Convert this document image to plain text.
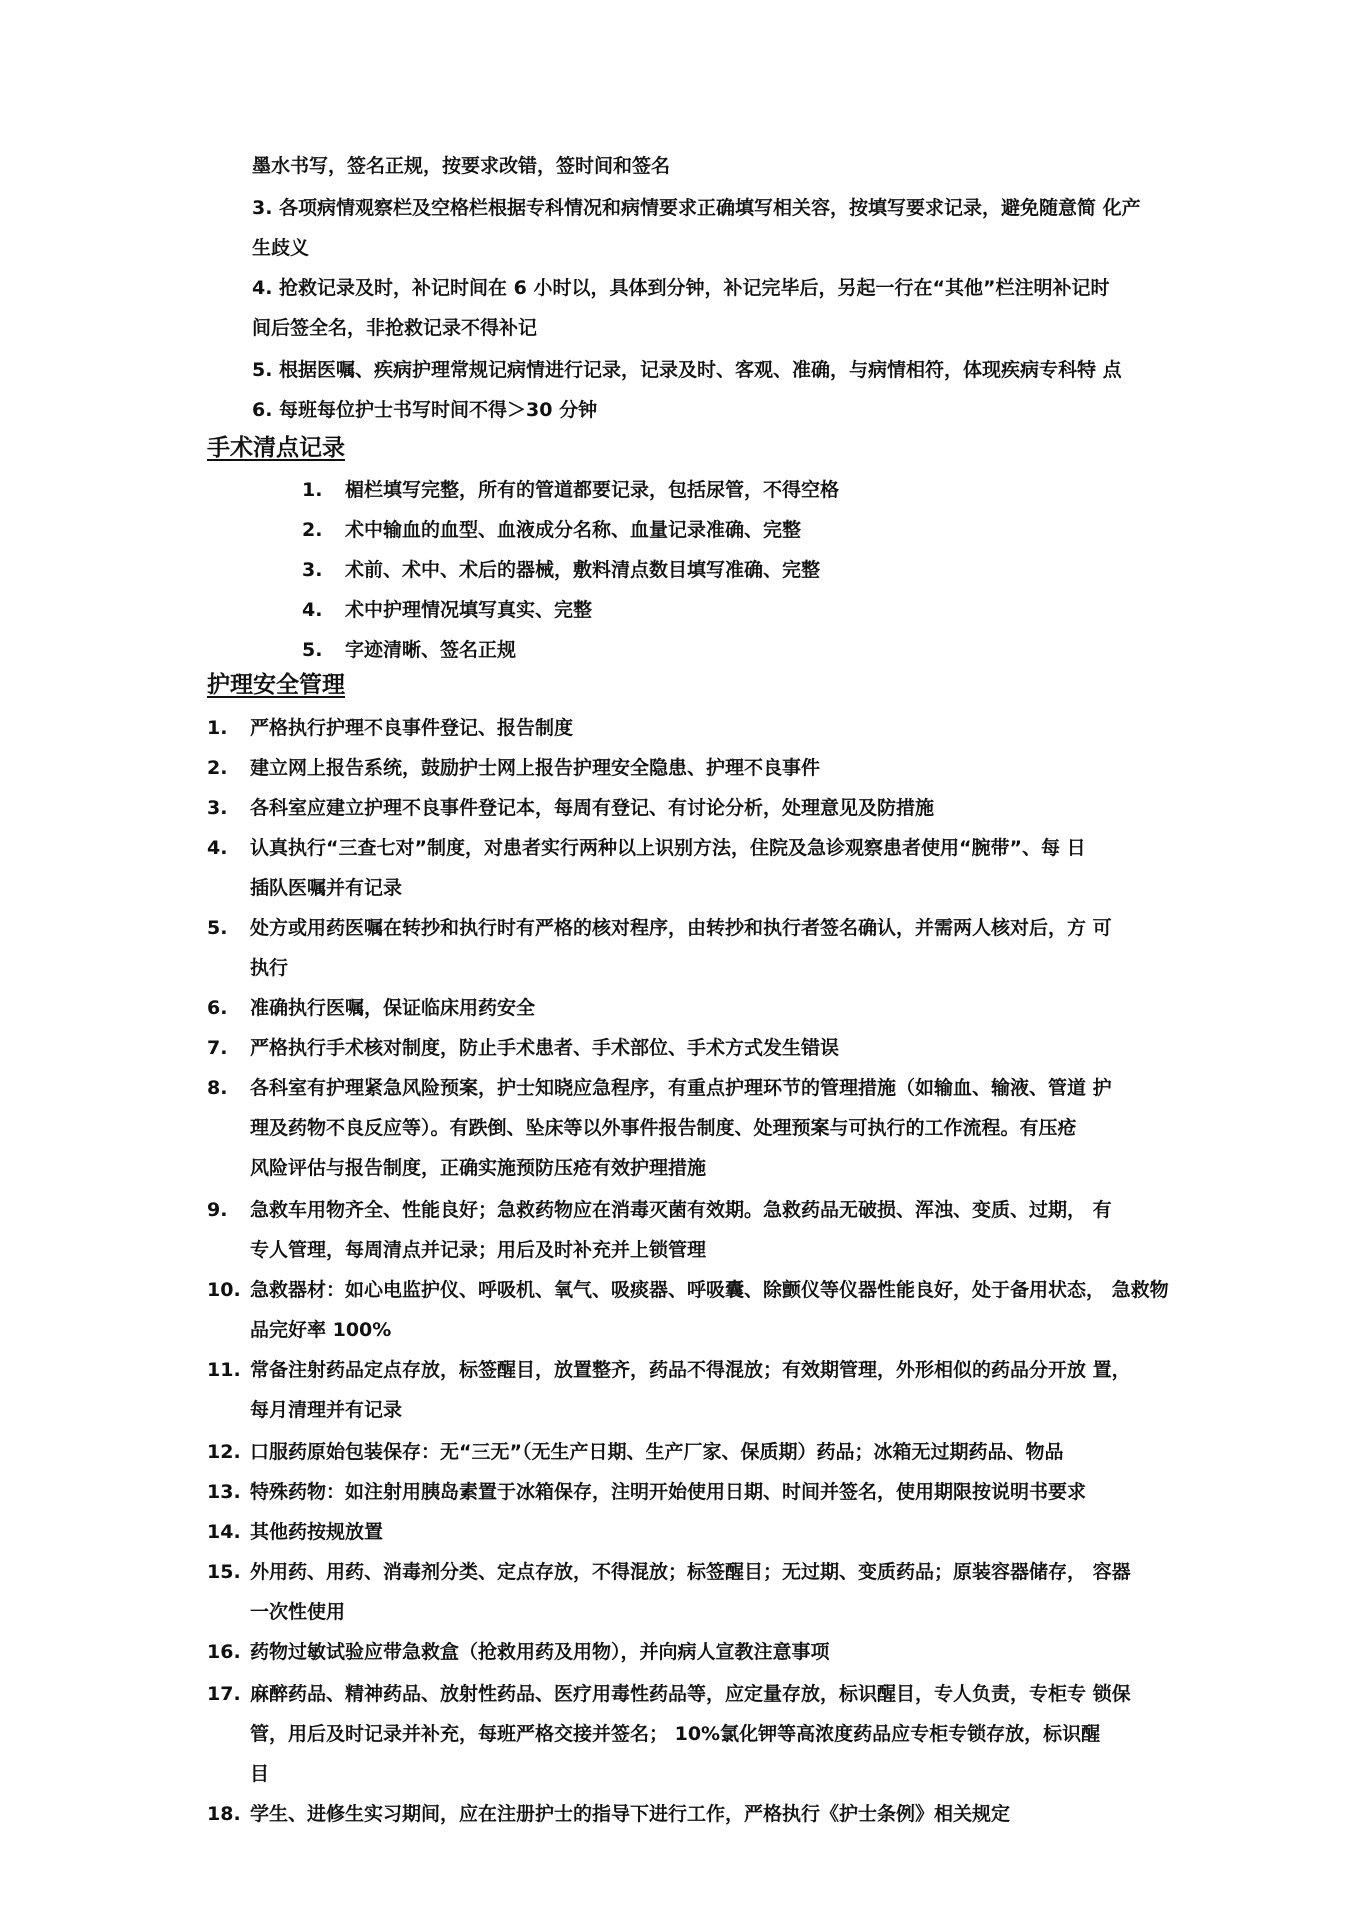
墨水书写，签名正规，按要求改错，签时间和签名
3. 各项病情观察栏及空格栏根据专科情况和病情要求正确填写相关容，按填写要求记录，避免随意简 化产
生歧义
4. 抢救记录及时，补记时间在 6 小时以，具体到分钟，补记完毕后，另起一行在“其他”栏注明补记时
间后签全名，非抢救记录不得补记
5. 根据医嘱、疾病护理常规记病情进行记录，记录及时、客观、准确，与病情相符，体现疾病专科特 点
6. 每班每位护士书写时间不得＞30 分钟
手术清点记录
1. 楣栏填写完整，所有的管道都要记录，包括尿管，不得空格
2. 术中输血的血型、血液成分名称、血量记录准确、完整
3. 术前、术中、术后的器械，敷料清点数目填写准确、完整
4. 术中护理情况填写真实、完整
5. 字迹清晰、签名正规
护理安全管理
1. 严格执行护理不良事件登记、报告制度
2. 建立网上报告系统，鼓励护士网上报告护理安全隐患、护理不良事件
3. 各科室应建立护理不良事件登记本，每周有登记、有讨论分析，处理意见及防措施
4. 认真执行“三查七对”制度，对患者实行两种以上识别方法，住院及急诊观察患者使用“腕带”、每 日
插队医嘱并有记录
5. 处方或用药医嘱在转抄和执行时有严格的核对程序，由转抄和执行者签名确认，并需两人核对后，方 可
执行
6. 准确执行医嘱，保证临床用药安全
7. 严格执行手术核对制度，防止手术患者、手术部位、手术方式发生错误
8. 各科室有护理紧急风险预案，护士知晓应急程序，有重点护理环节的管理措施（如输血、输液、管道 护
理及药物不良反应等）。有跌倒、坠床等以外事件报告制度、处理预案与可执行的工作流程。有压疮
风险评估与报告制度，正确实施预防压疮有效护理措施
9. 急救车用物齐全、性能良好；急救药物应在消毒灭菌有效期。急救药品无破损、浑浊、变质、过期， 有
专人管理，每周清点并记录；用后及时补充并上锁管理
10. 急救器材：如心电监护仪、呼吸机、氧气、吸痰器、呼吸囊、除颤仪等仪器性能良好，处于备用状态， 急救物
品完好率 100%
11. 常备注射药品定点存放，标签醒目，放置整齐，药品不得混放；有效期管理，外形相似的药品分开放 置，
每月清理并有记录
12. 口服药原始包装保存：无“三无”（无生产日期、生产厂家、保质期）药品；冰箱无过期药品、物品
13. 特殊药物：如注射用胰岛素置于冰箱保存，注明开始使用日期、时间并签名，使用期限按说明书要求
14. 其他药按规放置
15. 外用药、用药、消毒剂分类、定点存放，不得混放；标签醒目；无过期、变质药品；原装容器储存， 容器
一次性使用
16. 药物过敏试验应带急救盒（抢救用药及用物），并向病人宣教注意事项
17. 麻醉药品、精神药品、放射性药品、医疗用毒性药品等，应定量存放，标识醒目，专人负责，专柜专 锁保
管，用后及时记录并补充，每班严格交接并签名； 10%氯化钾等高浓度药品应专柜专锁存放，标识醒
目
18. 学生、进修生实习期间，应在注册护士的指导下进行工作，严格执行《护士条例》相关规定
